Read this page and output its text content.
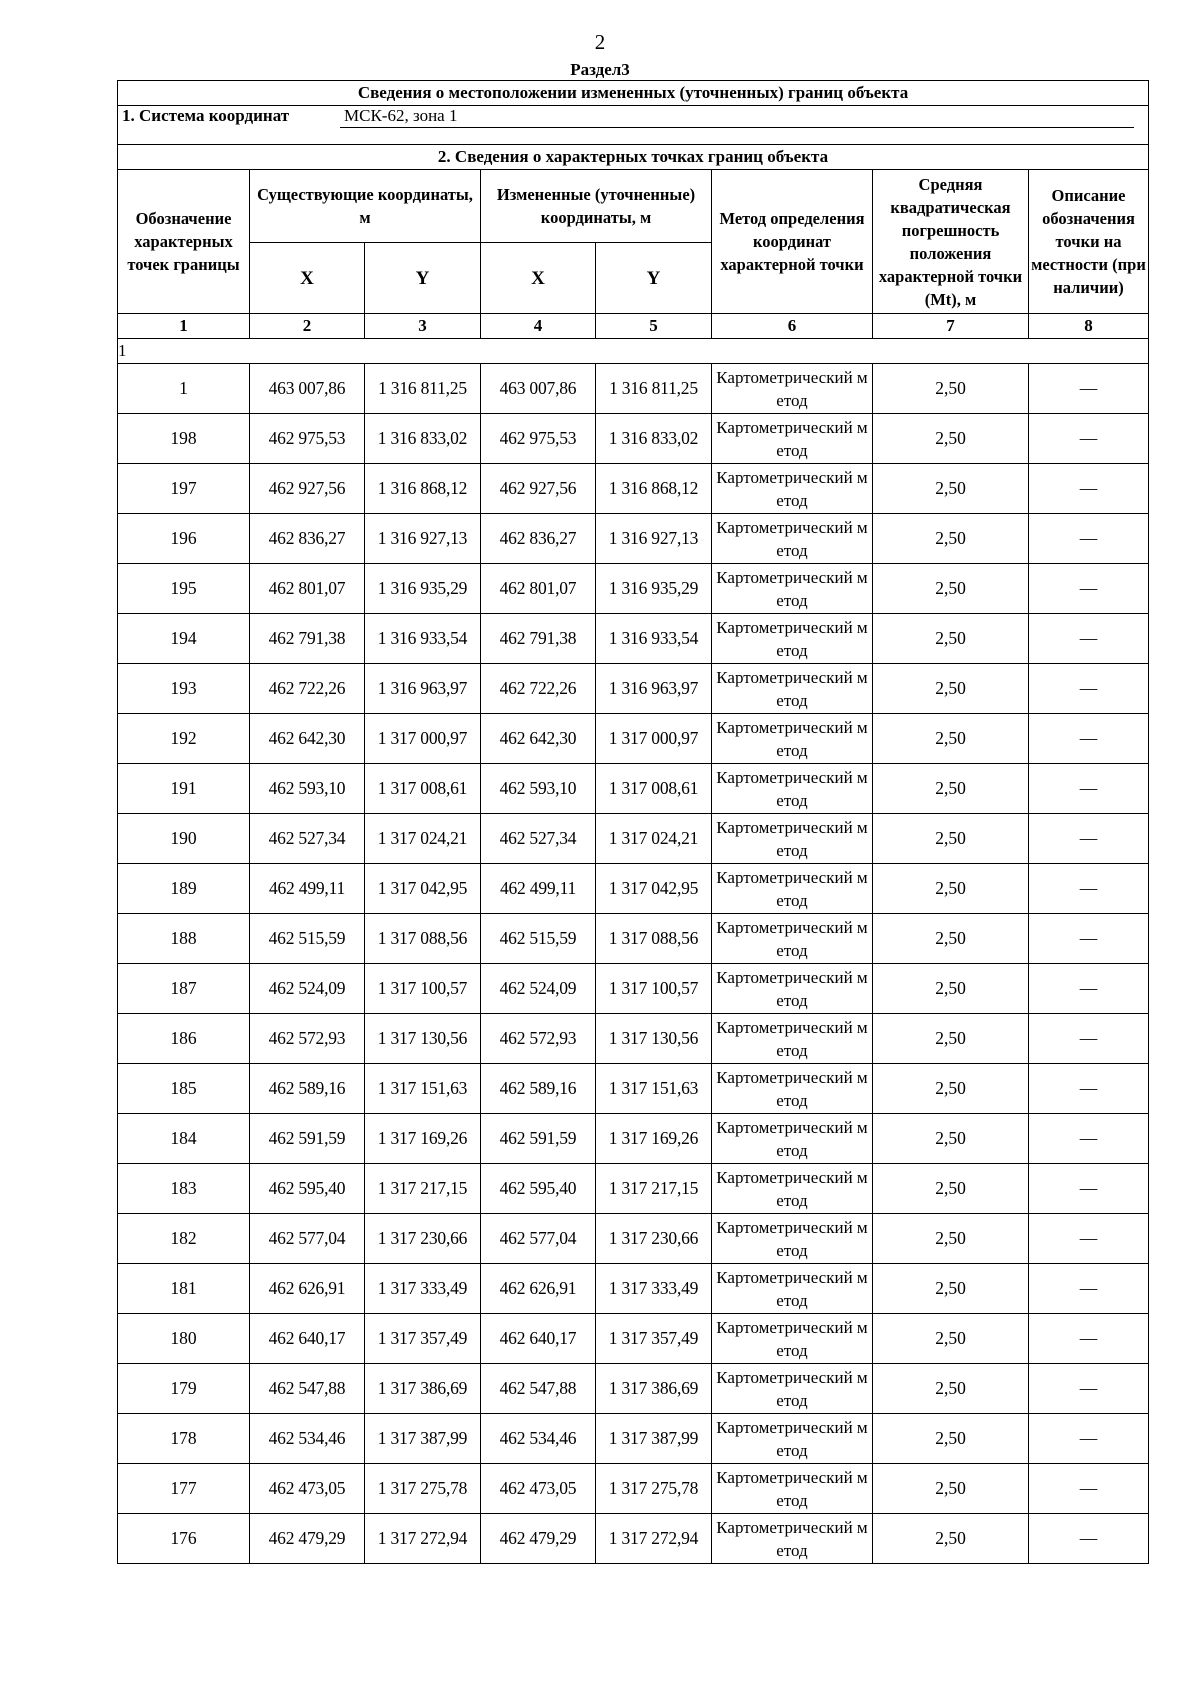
2
Раздел3
Сведения о местоположении измененных (уточненных) границ объекта							
1. Система координат МСК-62, зона 1							
2. Сведения о характерных точках границ объекта							
Обозначение характерных точек границы	Существующие координаты, м		Измененные (уточненные) координаты, м		Метод определения координат характерной точки	Средняя квадратическая погрешность положения характерной точки (Mt), м	Описание обозначения точки на местности (при наличии)
	X	Y	X	Y			
1	2	3	4	5	6	7	8
1							
1	463 007,86	1 316 811,25	463 007,86	1 316 811,25	Картометрический метод	2,50	—
198	462 975,53	1 316 833,02	462 975,53	1 316 833,02	Картометрический метод	2,50	—
197	462 927,56	1 316 868,12	462 927,56	1 316 868,12	Картометрический метод	2,50	—
196	462 836,27	1 316 927,13	462 836,27	1 316 927,13	Картометрический метод	2,50	—
195	462 801,07	1 316 935,29	462 801,07	1 316 935,29	Картометрический метод	2,50	—
194	462 791,38	1 316 933,54	462 791,38	1 316 933,54	Картометрический метод	2,50	—
193	462 722,26	1 316 963,97	462 722,26	1 316 963,97	Картометрический метод	2,50	—
192	462 642,30	1 317 000,97	462 642,30	1 317 000,97	Картометрический метод	2,50	—
191	462 593,10	1 317 008,61	462 593,10	1 317 008,61	Картометрический метод	2,50	—
190	462 527,34	1 317 024,21	462 527,34	1 317 024,21	Картометрический метод	2,50	—
189	462 499,11	1 317 042,95	462 499,11	1 317 042,95	Картометрический метод	2,50	—
188	462 515,59	1 317 088,56	462 515,59	1 317 088,56	Картометрический метод	2,50	—
187	462 524,09	1 317 100,57	462 524,09	1 317 100,57	Картометрический метод	2,50	—
186	462 572,93	1 317 130,56	462 572,93	1 317 130,56	Картометрический метод	2,50	—
185	462 589,16	1 317 151,63	462 589,16	1 317 151,63	Картометрический метод	2,50	—
184	462 591,59	1 317 169,26	462 591,59	1 317 169,26	Картометрический метод	2,50	—
183	462 595,40	1 317 217,15	462 595,40	1 317 217,15	Картометрический метод	2,50	—
182	462 577,04	1 317 230,66	462 577,04	1 317 230,66	Картометрический метод	2,50	—
181	462 626,91	1 317 333,49	462 626,91	1 317 333,49	Картометрический метод	2,50	—
180	462 640,17	1 317 357,49	462 640,17	1 317 357,49	Картометрический метод	2,50	—
179	462 547,88	1 317 386,69	462 547,88	1 317 386,69	Картометрический метод	2,50	—
178	462 534,46	1 317 387,99	462 534,46	1 317 387,99	Картометрический метод	2,50	—
177	462 473,05	1 317 275,78	462 473,05	1 317 275,78	Картометрический метод	2,50	—
176	462 479,29	1 317 272,94	462 479,29	1 317 272,94	Картометрический метод	2,50	—
